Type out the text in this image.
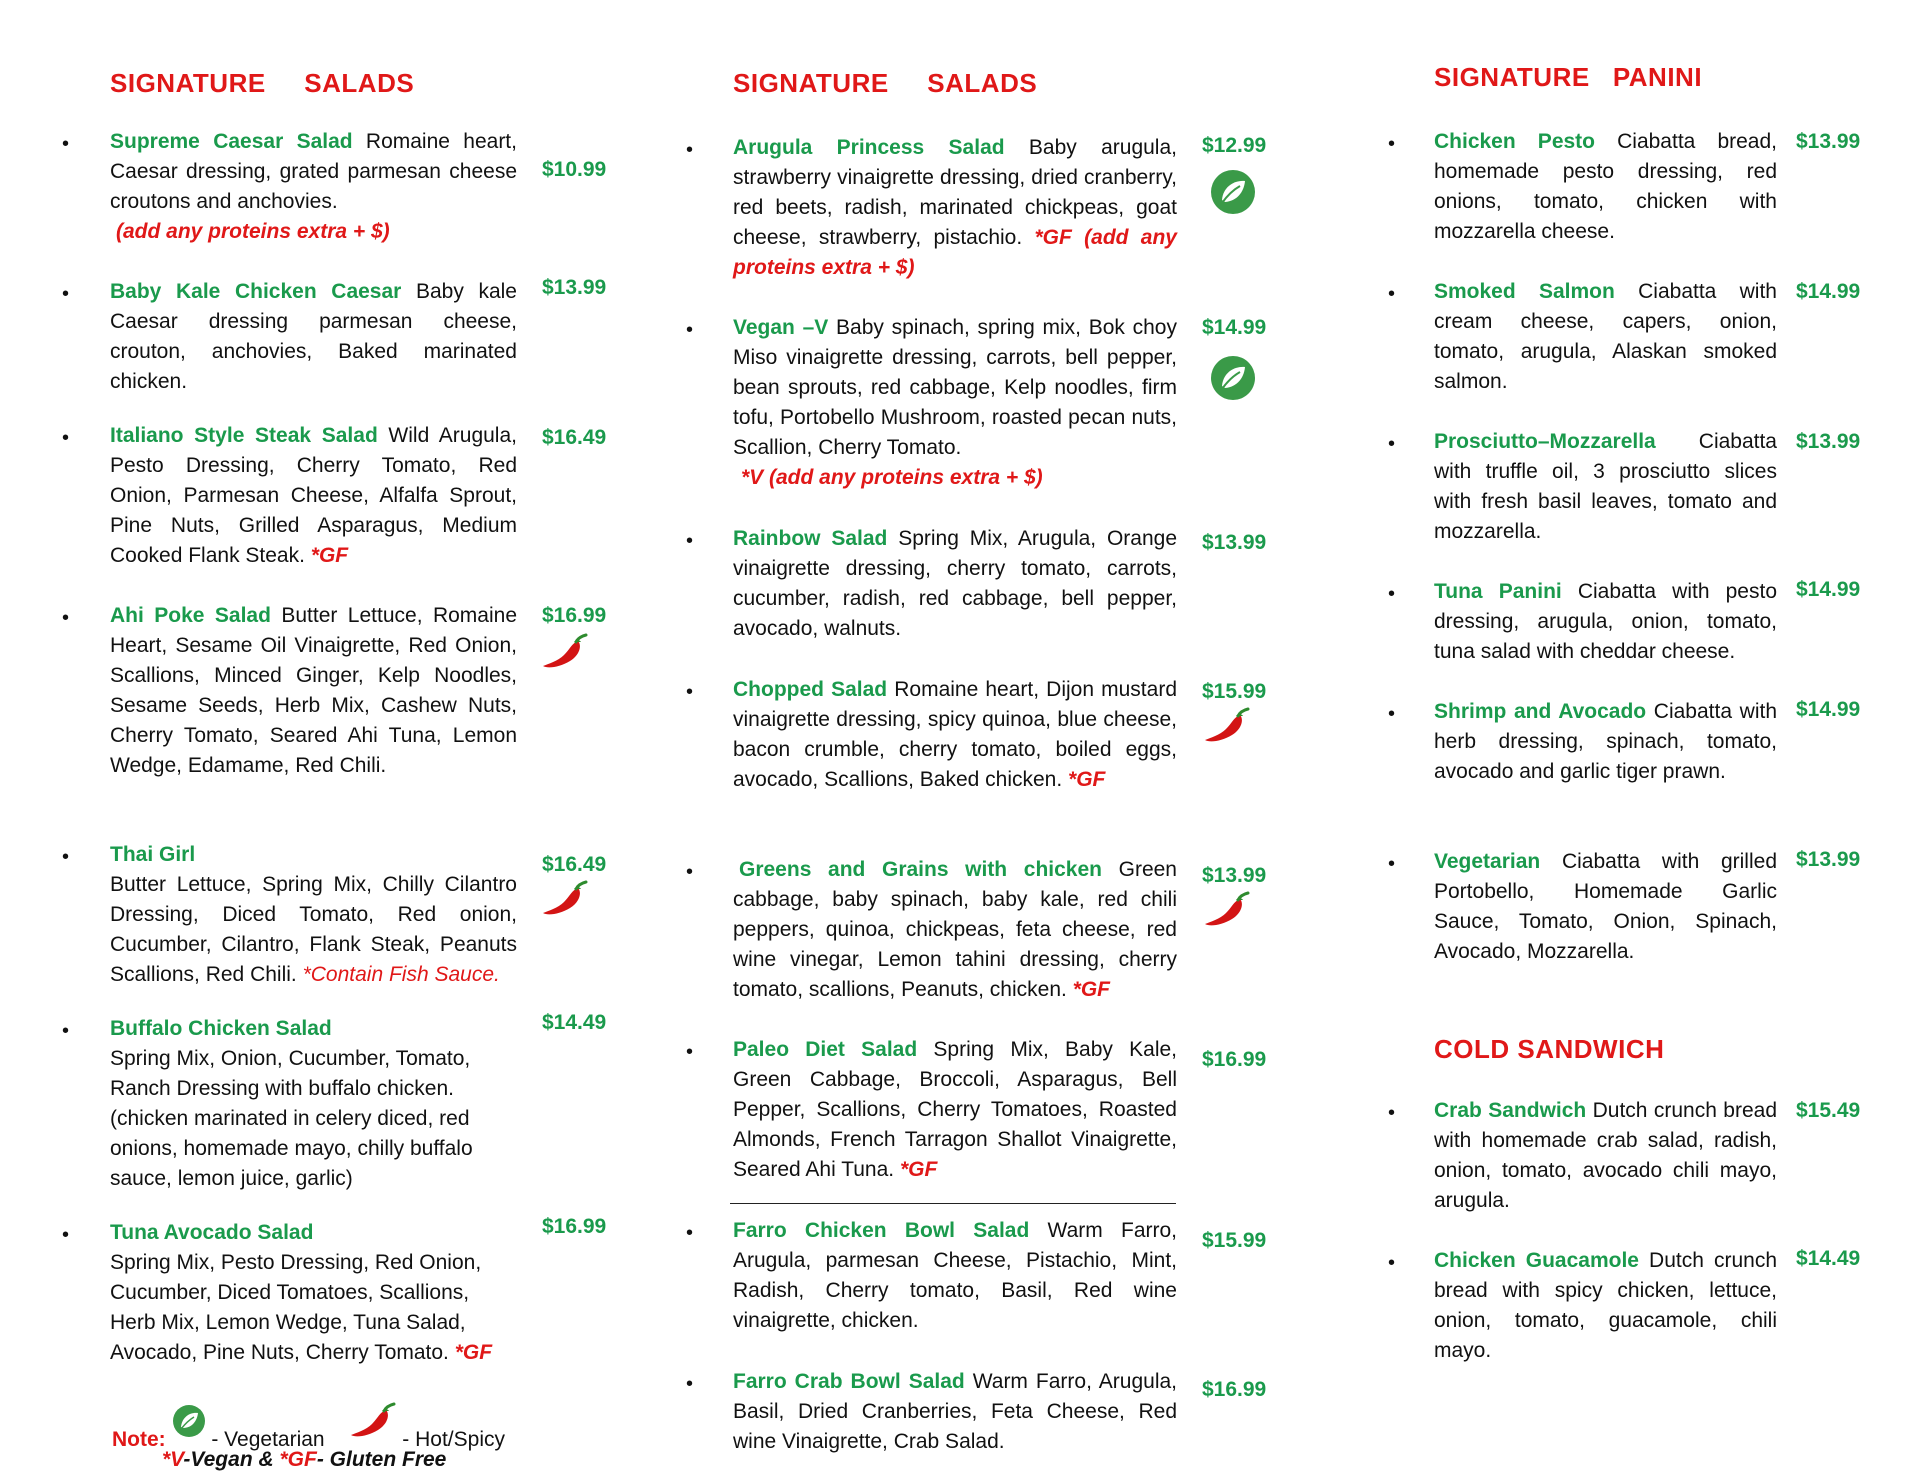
SIGNATURE     SALADS
• Supreme Caesar Salad Romaine heart, Caesar dressing, grated parmesan cheese croutons and anchovies.
(add any proteins extra + $)
$10.99
• Baby Kale Chicken Caesar Baby kale Caesar dressing parmesan cheese, crouton, anchovies, Baked marinated chicken.
$13.99
• Italiano Style Steak Salad Wild Arugula, Pesto Dressing, Cherry Tomato, Red Onion, Parmesan Cheese, Alfalfa Sprout, Pine Nuts, Grilled Asparagus, Medium Cooked Flank Steak. *GF
$16.49
• Ahi Poke Salad Butter Lettuce, Romaine Heart, Sesame Oil Vinaigrette, Red Onion, Scallions, Minced Ginger, Kelp Noodles, Sesame Seeds, Herb Mix, Cashew Nuts, Cherry Tomato, Seared Ahi Tuna, Lemon Wedge, Edamame, Red Chili.
$16.99
• Thai Girl
Butter Lettuce, Spring Mix, Chilly Cilantro Dressing, Diced Tomato, Red onion, Cucumber, Cilantro, Flank Steak, Peanuts Scallions, Red Chili. *Contain Fish Sauce.
$16.49
• Buffalo Chicken Salad
Spring Mix, Onion, Cucumber, Tomato, Ranch Dressing with buffalo chicken. (chicken marinated in celery diced, red onions, homemade mayo, chilly buffalo sauce, lemon juice, garlic)
$14.49
• Tuna Avocado Salad
Spring Mix, Pesto Dressing, Red Onion, Cucumber, Diced Tomatoes, Scallions, Herb Mix, Lemon Wedge, Tuna Salad, Avocado, Pine Nuts, Cherry Tomato. *GF
$16.99
Note:  - Vegetarian	- Hot/Spicy
*V-Vegan & *GF- Gluten Free
SIGNATURE     SALADS
• Arugula Princess Salad Baby arugula, strawberry vinaigrette dressing, dried cranberry, red beets, radish, marinated chickpeas, goat cheese, strawberry, pistachio. *GF (add any proteins extra + $)
$12.99
• Vegan –V Baby spinach, spring mix, Bok choy Miso vinaigrette dressing, carrots, bell pepper, bean sprouts, red cabbage, Kelp noodles, firm tofu, Portobello Mushroom, roasted pecan nuts, Scallion, Cherry Tomato.
*V (add any proteins extra + $)
$14.99
• Rainbow Salad Spring Mix, Arugula, Orange vinaigrette dressing, cherry tomato, carrots, cucumber, radish, red cabbage, bell pepper, avocado, walnuts.
$13.99
• Chopped Salad Romaine heart, Dijon mustard vinaigrette dressing, spicy quinoa, blue cheese, bacon crumble, cherry tomato, boiled eggs, avocado, Scallions, Baked chicken. *GF
$15.99
• Greens and Grains with chicken Green cabbage, baby spinach, baby kale, red chili peppers, quinoa, chickpeas, feta cheese, red wine vinegar, Lemon tahini dressing, cherry tomato, scallions, Peanuts, chicken. *GF
$13.99
• Paleo Diet Salad Spring Mix, Baby Kale, Green Cabbage, Broccoli, Asparagus, Bell Pepper, Scallions, Cherry Tomatoes, Roasted Almonds, French Tarragon Shallot Vinaigrette, Seared Ahi Tuna. *GF
$16.99
• Farro Chicken Bowl Salad Warm Farro, Arugula, parmesan Cheese, Pistachio, Mint, Radish, Cherry tomato, Basil, Red wine vinaigrette, chicken.
$15.99
• Farro Crab Bowl Salad Warm Farro, Arugula, Basil, Dried Cranberries, Feta Cheese, Red wine Vinaigrette, Crab Salad.
$16.99
SIGNATURE   PANINI
• Chicken Pesto Ciabatta bread, homemade pesto dressing, red onions, tomato, chicken with mozzarella cheese.
$13.99
• Smoked Salmon Ciabatta with cream cheese, capers, onion, tomato, arugula, Alaskan smoked salmon.
$14.99
• Prosciutto–Mozzarella Ciabatta with truffle oil, 3 prosciutto slices with fresh basil leaves, tomato and mozzarella.
$13.99
• Tuna Panini Ciabatta with pesto dressing, arugula, onion, tomato, tuna salad with cheddar cheese.
$14.99
• Shrimp and Avocado Ciabatta with herb dressing, spinach, tomato, avocado and garlic tiger prawn.
$14.99
• Vegetarian Ciabatta with grilled Portobello, Homemade Garlic Sauce, Tomato, Onion, Spinach, Avocado, Mozzarella.
$13.99
COLD SANDWICH
• Crab Sandwich Dutch crunch bread with homemade crab salad, radish, onion, tomato, avocado chili mayo, arugula.
$15.49
• Chicken Guacamole Dutch crunch bread with spicy chicken, lettuce, onion, tomato, guacamole, chili mayo.
$14.49
